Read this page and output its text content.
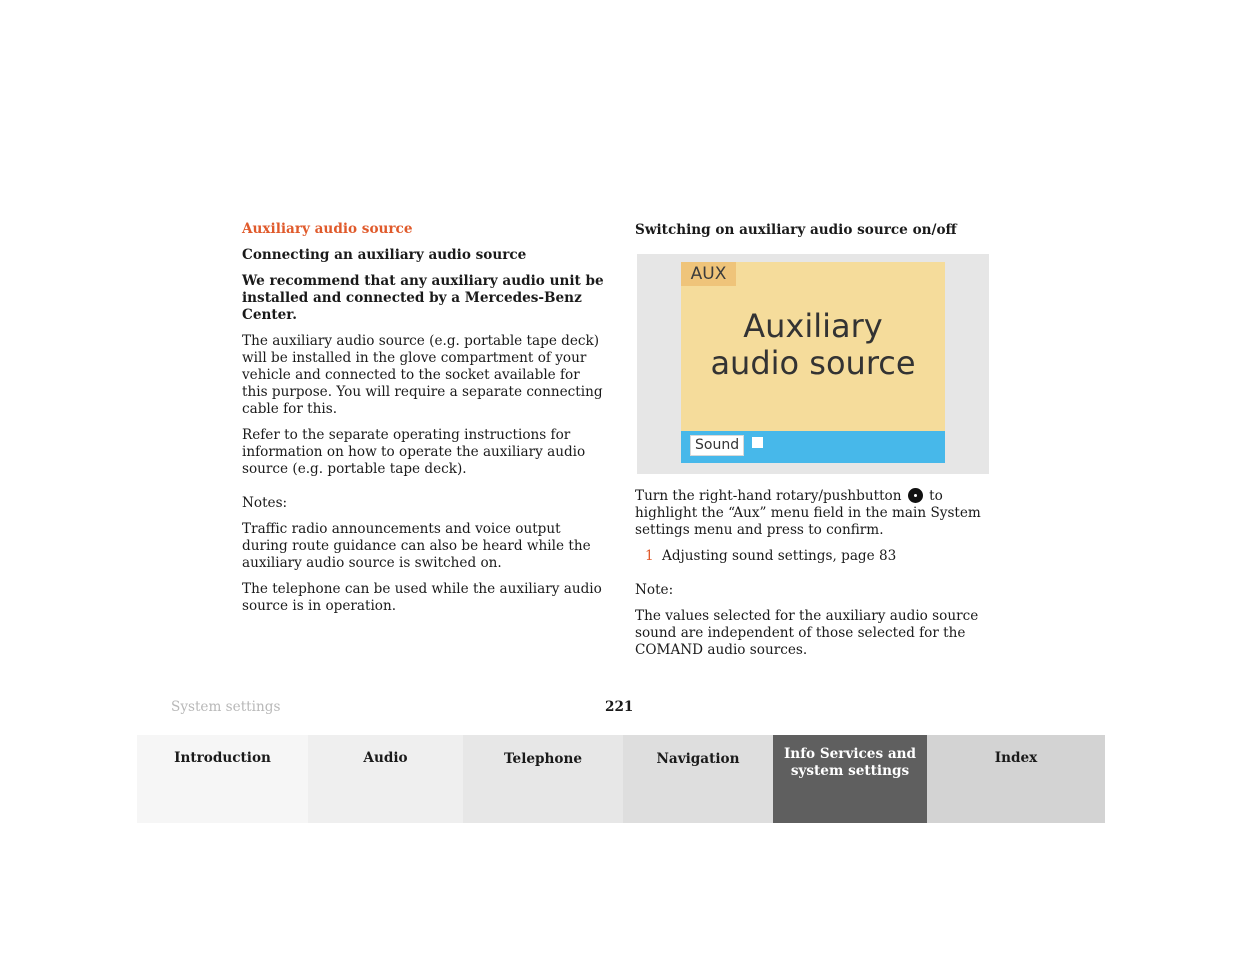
Auxiliary audio source

Connecting an auxiliary audio source

We recommend that any auxiliary audio unit be installed and connected by a Mercedes-Benz Center.

The auxiliary audio source (e.g. portable tape deck) will be installed in the glove compartment of your vehicle and connected to the socket available for this purpose. You will require a separate connecting cable for this.

Refer to the separate operating instructions for information on how to operate the auxiliary audio source (e.g. portable tape deck).

Notes:

Traffic radio announcements and voice output during route guidance can also be heard while the auxiliary audio source is switched on.

The telephone can be used while the auxiliary audio source is in operation.

Switching on auxiliary audio source on/off

AUX
Auxiliary
audio source
Sound

Turn the right-hand rotary/pushbutton to highlight the “Aux” menu field in the main System settings menu and press to confirm.

1 Adjusting sound settings, page 83

Note:

The values selected for the auxiliary audio source sound are independent of those selected for the COMAND audio sources.

System settings	221
Introduction	Audio	Telephone	Navigation	Info Services and
system settings
Index
